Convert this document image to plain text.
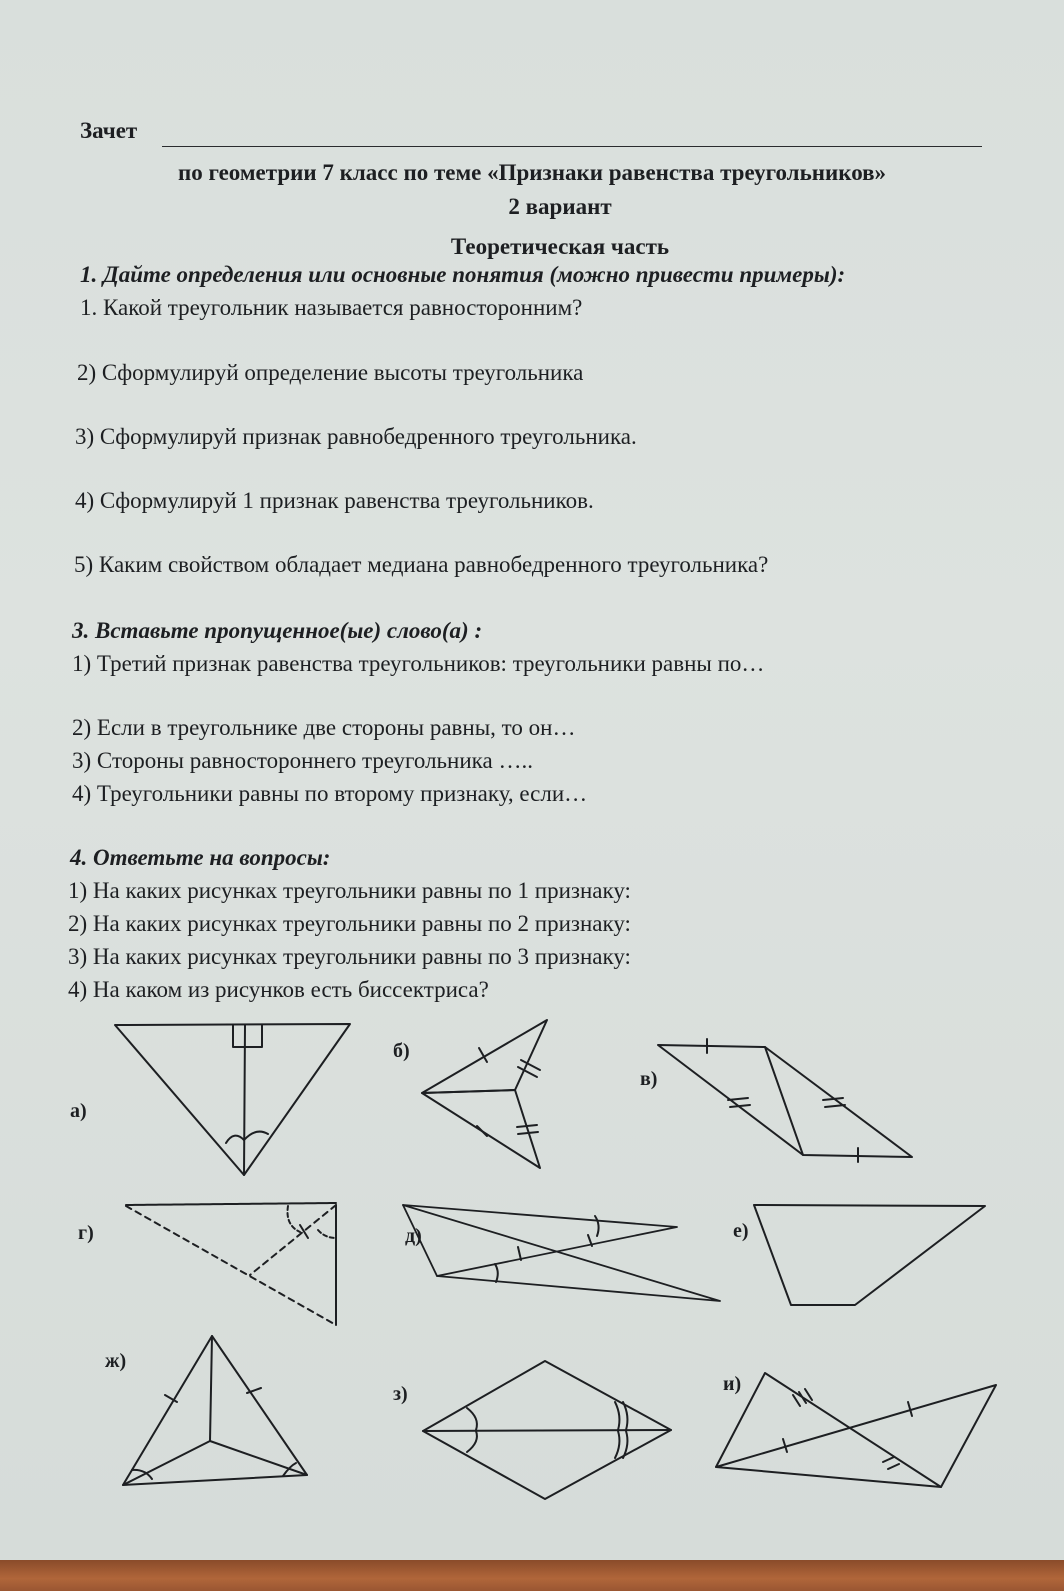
Зачет
по геометрии 7 класс по теме «Признаки равенства треугольников»
2 вариант
Теоретическая часть
1. Дайте определения или основные понятия (можно привести примеры):
1. Какой треугольник называется равносторонним?
2) Сформулируй определение высоты треугольника
3) Сформулируй признак равнобедренного треугольника.
4) Сформулируй 1 признак равенства треугольников.
5) Каким свойством обладает медиана равнобедренного треугольника?
3. Вставьте пропущенное(ые) слово(а) :
1) Третий признак равенства треугольников: треугольники равны по…
2) Если в треугольнике две стороны равны, то он…
3) Стороны равностороннего треугольника …..
4) Треугольники равны по второму признаку, если…
4. Ответьте на вопросы:
1) На каких рисунках треугольники равны по 1 признаку:
2) На каких рисунках треугольники равны по 2 признаку:
3) На каких рисунках треугольники равны по 3 признаку:
4) На каком из рисунков есть биссектриса?
а)
б)
в)
г)	д)	е)
ж)
з)	и)
